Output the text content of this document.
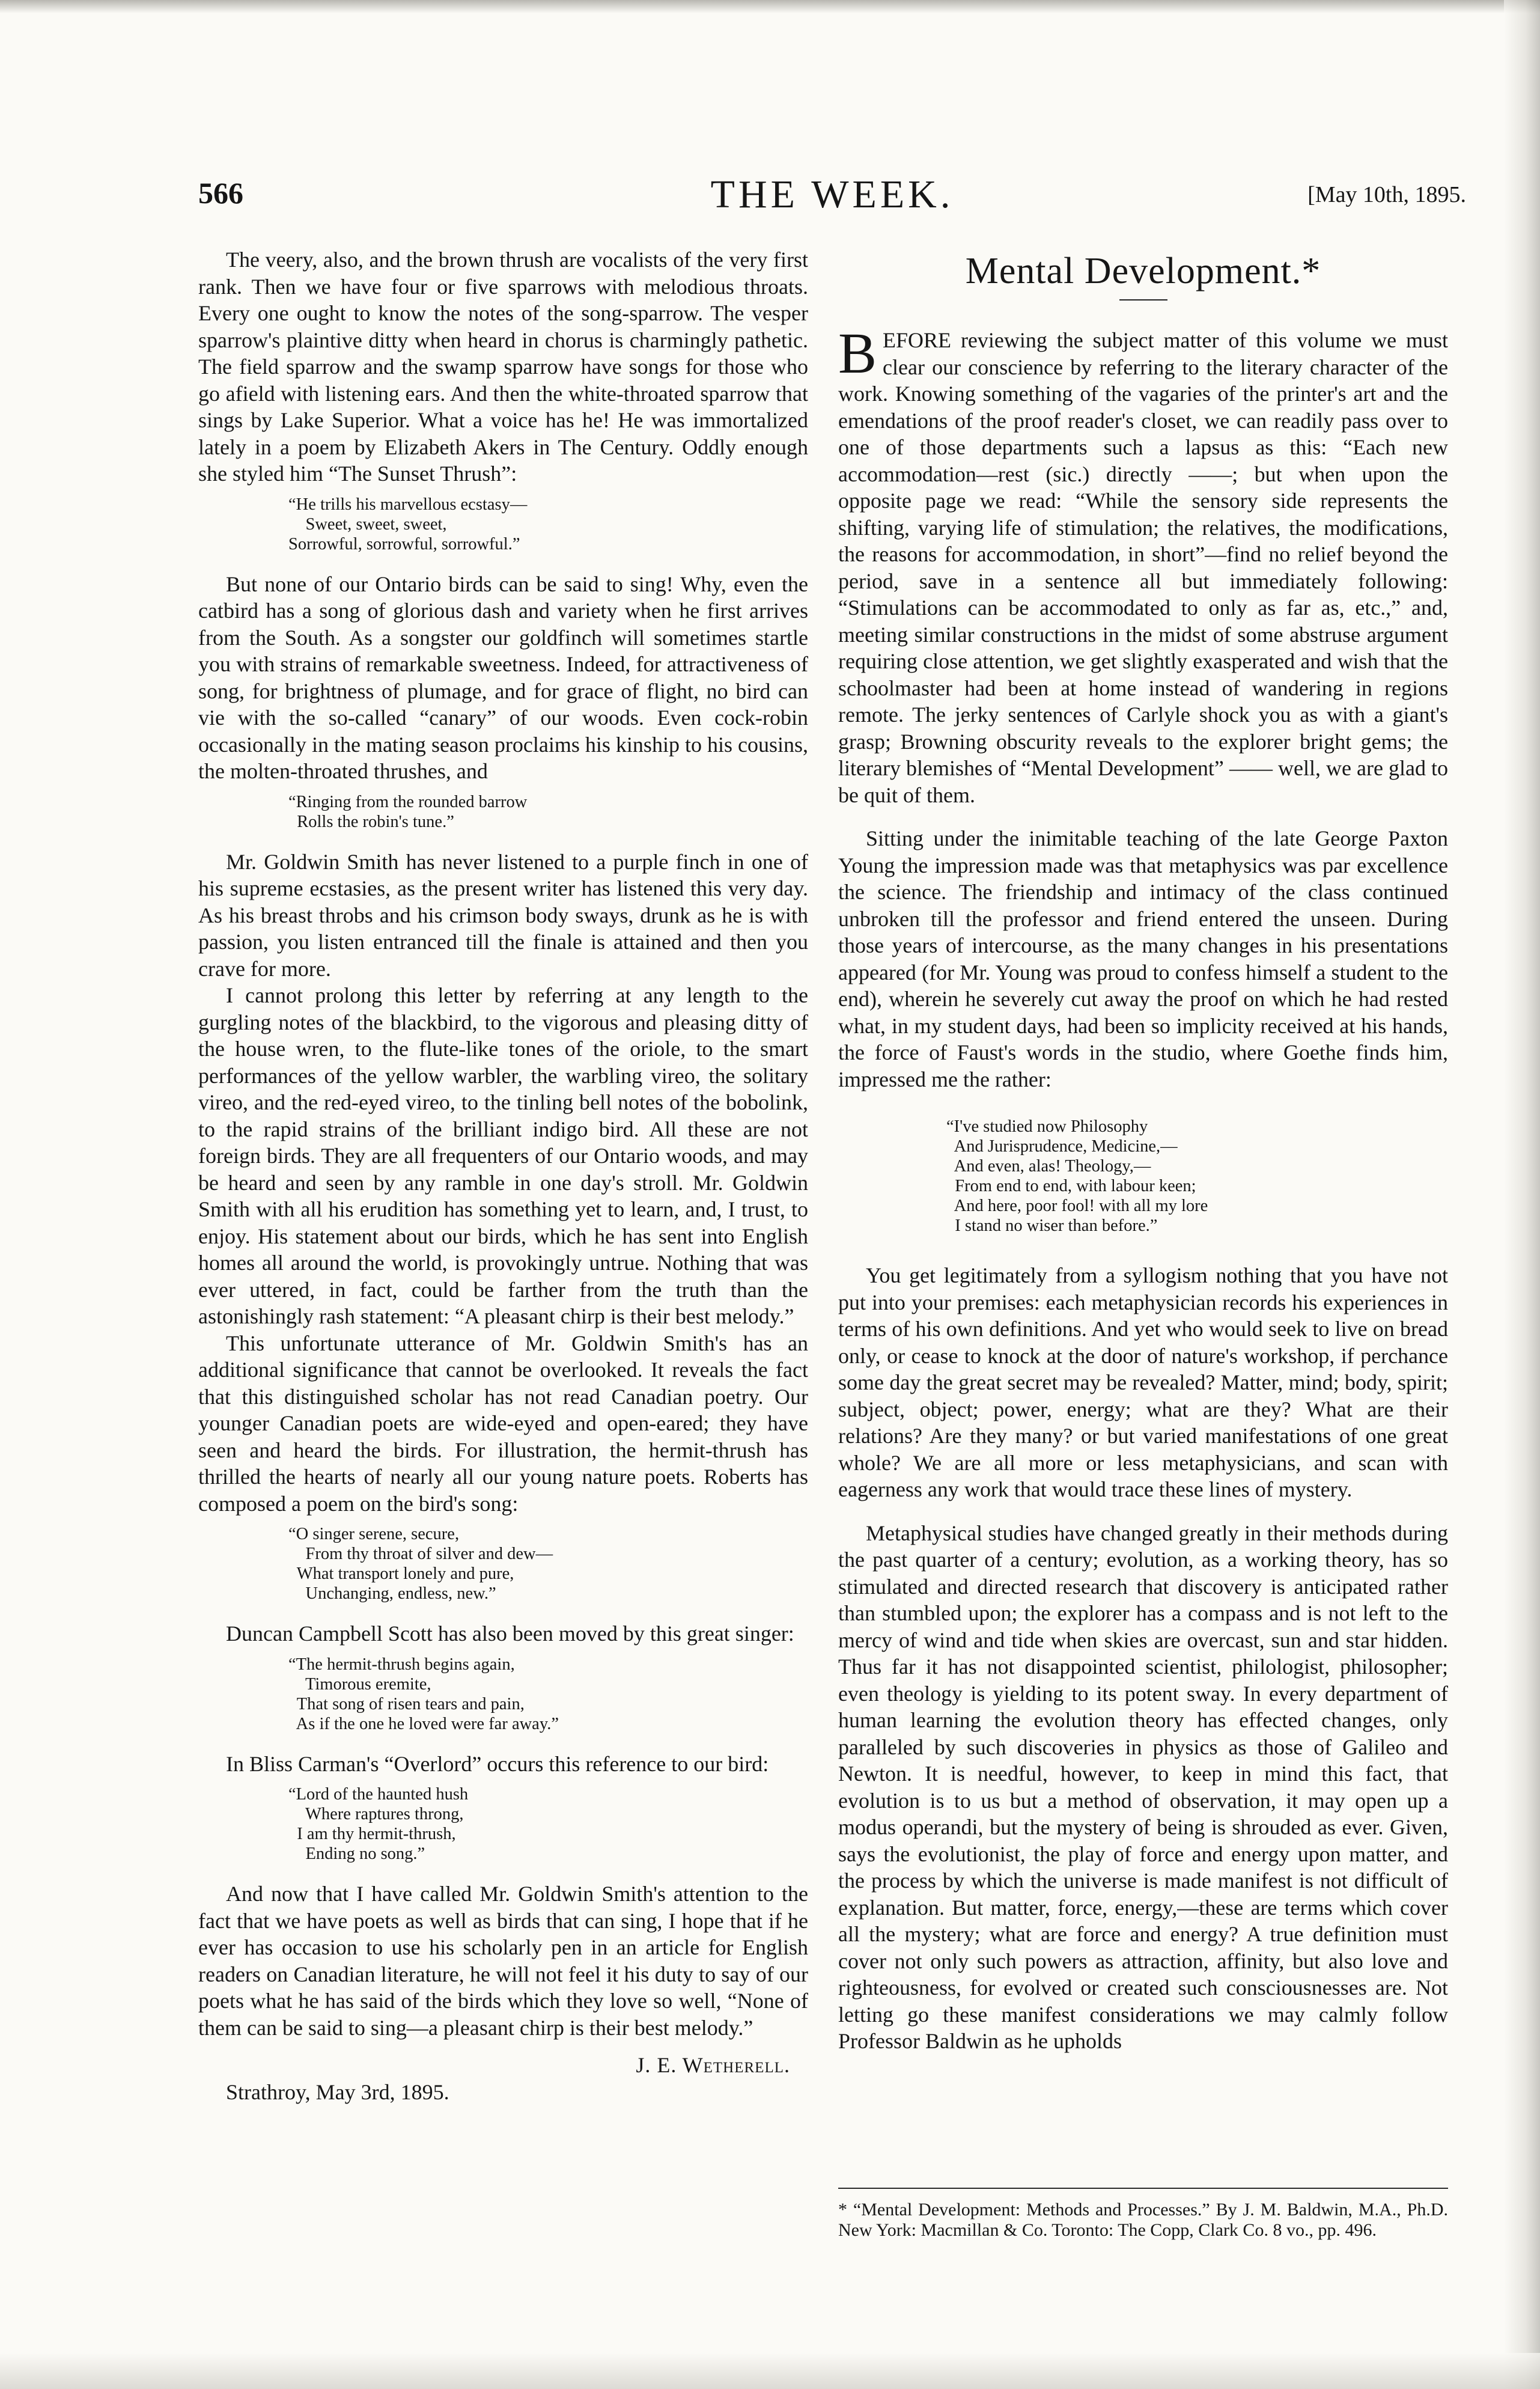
566	THE WEEK.	[May 10th, 1895.

The veery, also, and the brown thrush are vocalists of the very first rank. Then we have four or five sparrows with melodious throats. Every one ought to know the notes of the song-sparrow. The vesper sparrow's plaintive ditty when heard in chorus is charmingly pathetic. The field sparrow and the swamp sparrow have songs for those who go afield with listening ears. And then the white-throated sparrow that sings by Lake Superior. What a voice has he! He was immortalized lately in a poem by Elizabeth Akers in The Century. Oddly enough she styled him “The Sunset Thrush”:

“He trills his marvellous ecstasy—
Sweet, sweet, sweet,
Sorrowful, sorrowful, sorrowful.”

But none of our Ontario birds can be said to sing! Why, even the catbird has a song of glorious dash and variety when he first arrives from the South. As a songster our goldfinch will sometimes startle you with strains of remarkable sweetness. Indeed, for attractiveness of song, for brightness of plumage, and for grace of flight, no bird can vie with the so-called “canary” of our woods. Even cock-robin occasionally in the mating season proclaims his kinship to his cousins, the molten-throated thrushes, and

“Ringing from the rounded barrow
Rolls the robin's tune.”

Mr. Goldwin Smith has never listened to a purple finch in one of his supreme ecstasies, as the present writer has listened this very day. As his breast throbs and his crimson body sways, drunk as he is with passion, you listen entranced till the finale is attained and then you crave for more.

I cannot prolong this letter by referring at any length to the gurgling notes of the blackbird, to the vigorous and pleasing ditty of the house wren, to the flute-like tones of the oriole, to the smart performances of the yellow warbler, the warbling vireo, the solitary vireo, and the red-eyed vireo, to the tinling bell notes of the bobolink, to the rapid strains of the brilliant indigo bird. All these are not foreign birds. They are all frequenters of our Ontario woods, and may be heard and seen by any ramble in one day's stroll. Mr. Goldwin Smith with all his erudition has something yet to learn, and, I trust, to enjoy. His statement about our birds, which he has sent into English homes all around the world, is provokingly untrue. Nothing that was ever uttered, in fact, could be farther from the truth than the astonishingly rash statement: “A pleasant chirp is their best melody.”

This unfortunate utterance of Mr. Goldwin Smith's has an additional significance that cannot be overlooked. It reveals the fact that this distinguished scholar has not read Canadian poetry. Our younger Canadian poets are wide-eyed and open-eared; they have seen and heard the birds. For illustration, the hermit-thrush has thrilled the hearts of nearly all our young nature poets. Roberts has composed a poem on the bird's song:

“O singer serene, secure,
From thy throat of silver and dew—
What transport lonely and pure,
Unchanging, endless, new.”

Duncan Campbell Scott has also been moved by this great singer:

“The hermit-thrush begins again,
Timorous eremite,
That song of risen tears and pain,
As if the one he loved were far away.”

In Bliss Carman's “Overlord” occurs this reference to our bird:

“Lord of the haunted hush
Where raptures throng,
I am thy hermit-thrush,
Ending no song.”

And now that I have called Mr. Goldwin Smith's attention to the fact that we have poets as well as birds that can sing, I hope that if he ever has occasion to use his scholarly pen in an article for English readers on Canadian literature, he will not feel it his duty to say of our poets what he has said of the birds which they love so well, “None of them can be said to sing—a pleasant chirp is their best melody.”

J. E. Wetherell.

Strathroy, May 3rd, 1895.

Mental Development.*

BEFORE reviewing the subject matter of this volume we must clear our conscience by referring to the literary character of the work. Knowing something of the vagaries of the printer's art and the emendations of the proof reader's closet, we can readily pass over to one of those departments such a lapsus as this: “Each new accommodation—rest (sic.) directly ——; but when upon the opposite page we read: “While the sensory side represents the shifting, varying life of stimulation; the relatives, the modifications, the reasons for accommodation, in short”—find no relief beyond the period, save in a sentence all but immediately following: “Stimulations can be accommodated to only as far as, etc.,” and, meeting similar constructions in the midst of some abstruse argument requiring close attention, we get slightly exasperated and wish that the schoolmaster had been at home instead of wandering in regions remote. The jerky sentences of Carlyle shock you as with a giant's grasp; Browning obscurity reveals to the explorer bright gems; the literary blemishes of “Mental Development” —— well, we are glad to be quit of them.

Sitting under the inimitable teaching of the late George Paxton Young the impression made was that metaphysics was par excellence the science. The friendship and intimacy of the class continued unbroken till the professor and friend entered the unseen. During those years of intercourse, as the many changes in his presentations appeared (for Mr. Young was proud to confess himself a student to the end), wherein he severely cut away the proof on which he had rested what, in my student days, had been so implicity received at his hands, the force of Faust's words in the studio, where Goethe finds him, impressed me the rather:

“I've studied now Philosophy
And Jurisprudence, Medicine,—
And even, alas! Theology,—
From end to end, with labour keen;
And here, poor fool! with all my lore
I stand no wiser than before.”

You get legitimately from a syllogism nothing that you have not put into your premises: each metaphysician records his experiences in terms of his own definitions. And yet who would seek to live on bread only, or cease to knock at the door of nature's workshop, if perchance some day the great secret may be revealed? Matter, mind; body, spirit; subject, object; power, energy; what are they? What are their relations? Are they many? or but varied manifestations of one great whole? We are all more or less metaphysicians, and scan with eagerness any work that would trace these lines of mystery.

Metaphysical studies have changed greatly in their methods during the past quarter of a century; evolution, as a working theory, has so stimulated and directed research that discovery is anticipated rather than stumbled upon; the explorer has a compass and is not left to the mercy of wind and tide when skies are overcast, sun and star hidden. Thus far it has not disappointed scientist, philologist, philosopher; even theology is yielding to its potent sway. In every department of human learning the evolution theory has effected changes, only paralleled by such discoveries in physics as those of Galileo and Newton. It is needful, however, to keep in mind this fact, that evolution is to us but a method of observation, it may open up a modus operandi, but the mystery of being is shrouded as ever. Given, says the evolutionist, the play of force and energy upon matter, and the process by which the universe is made manifest is not difficult of explanation. But matter, force, energy,—these are terms which cover all the mystery; what are force and energy? A true definition must cover not only such powers as attraction, affinity, but also love and righteousness, for evolved or created such consciousnesses are. Not letting go these manifest considerations we may calmly follow Professor Baldwin as he upholds

* “Mental Development: Methods and Processes.” By J. M. Baldwin, M.A., Ph.D. New York: Macmillan & Co. Toronto: The Copp, Clark Co. 8 vo., pp. 496.
